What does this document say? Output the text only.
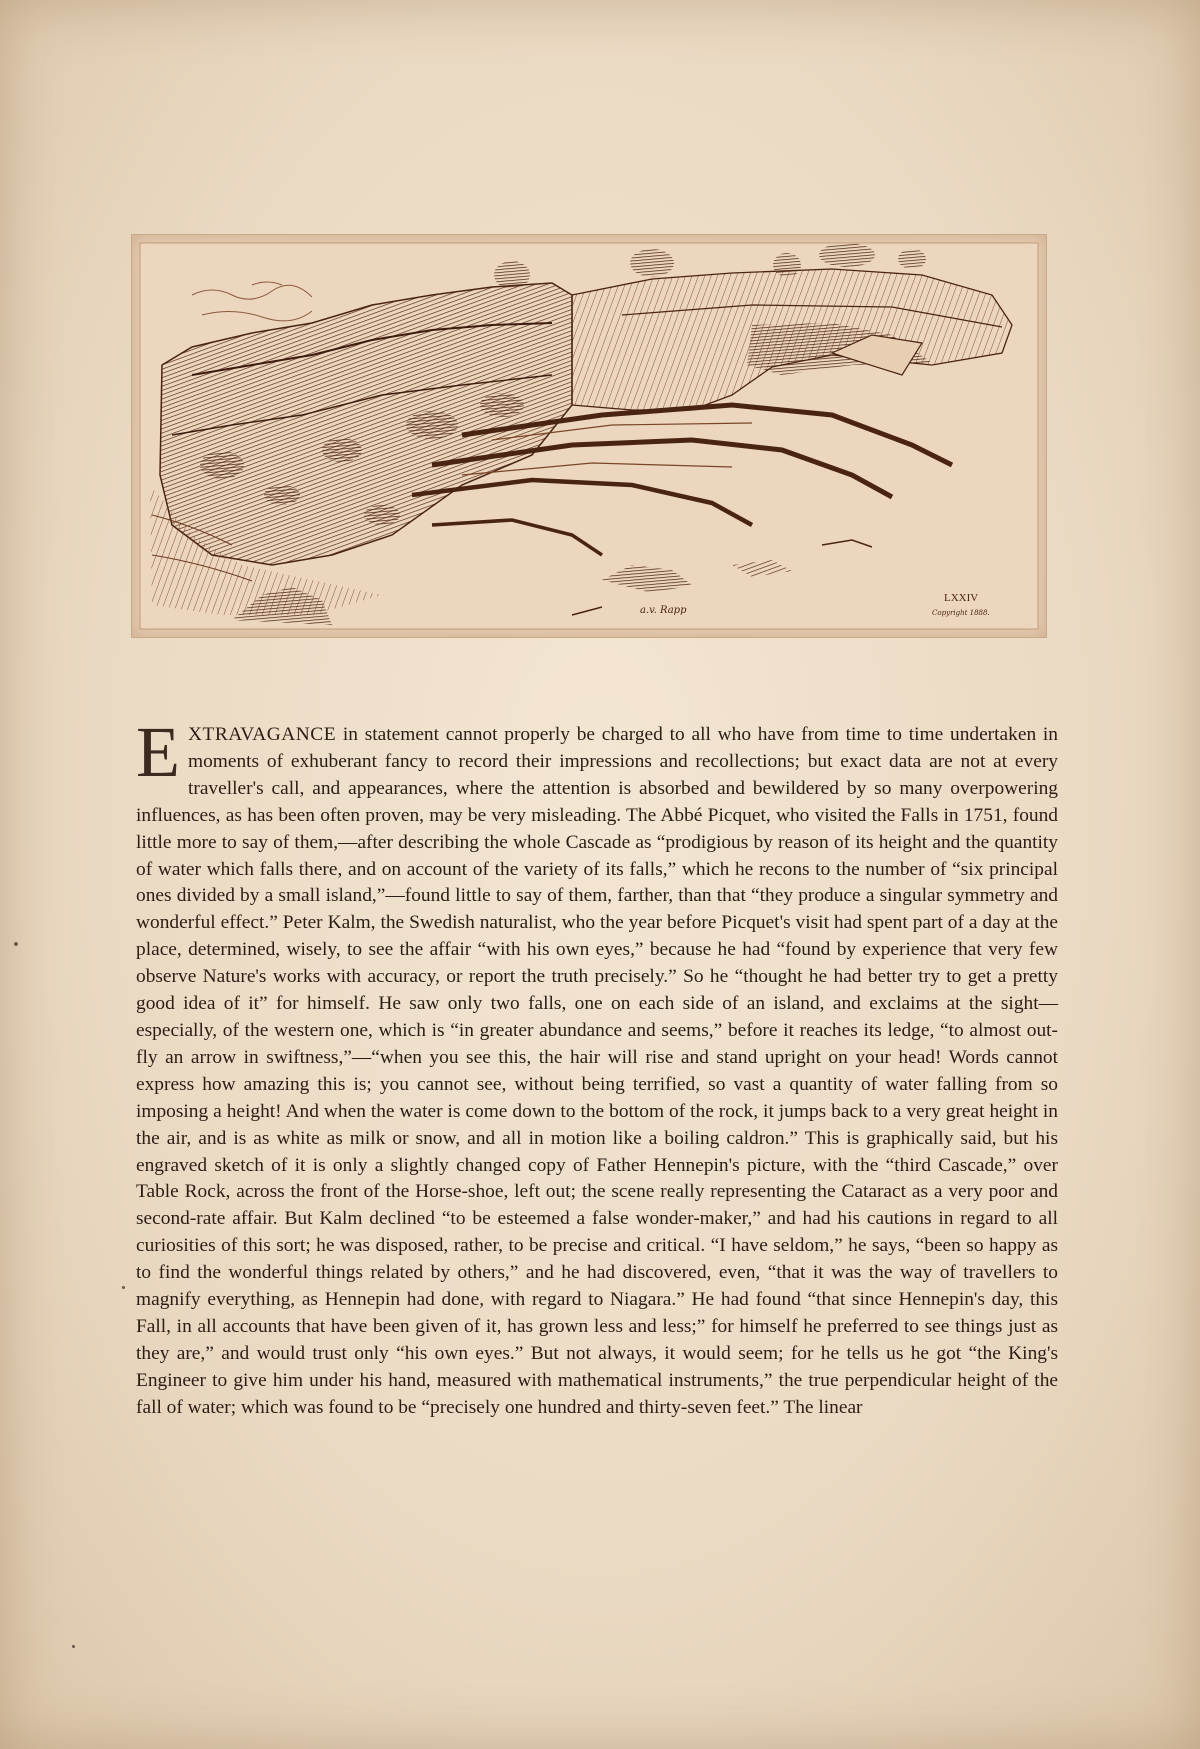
a.v. Rapp
LXXIV
Copyright 1888.
EXTRAVAGANCE in statement cannot properly be charged to all who have from time to time undertaken in moments of exhuberant fancy to record their impressions and recollections; but exact data are not at every traveller's call, and appearances, where the attention is absorbed and bewildered by so many overpowering influences, as has been often proven, may be very misleading. The Abbé Picquet, who visited the Falls in 1751, found little more to say of them,—after describing the whole Cascade as “prodigious by reason of its height and the quantity of water which falls there, and on account of the variety of its falls,” which he recons to the number of “six principal ones divided by a small island,”—found little to say of them, farther, than that “they produce a singular symmetry and wonderful effect.” Peter Kalm, the Swedish naturalist, who the year before Picquet's visit had spent part of a day at the place, determined, wisely, to see the affair “with his own eyes,” because he had “found by experience that very few observe Nature's works with accuracy, or report the truth precisely.” So he “thought he had better try to get a pretty good idea of it” for himself. He saw only two falls, one on each side of an island, and exclaims at the sight—especially, of the western one, which is “in greater abundance and seems,” before it reaches its ledge, “to almost out-fly an arrow in swiftness,”—“when you see this, the hair will rise and stand upright on your head! Words cannot express how amazing this is; you cannot see, without being terrified, so vast a quantity of water falling from so imposing a height! And when the water is come down to the bottom of the rock, it jumps back to a very great height in the air, and is as white as milk or snow, and all in motion like a boiling caldron.” This is graphically said, but his engraved sketch of it is only a slightly changed copy of Father Hennepin's picture, with the “third Cascade,” over Table Rock, across the front of the Horse-shoe, left out; the scene really representing the Cataract as a very poor and second-rate affair. But Kalm declined “to be esteemed a false wonder-maker,” and had his cautions in regard to all curiosities of this sort; he was disposed, rather, to be precise and critical. “I have seldom,” he says, “been so happy as to find the wonderful things related by others,” and he had discovered, even, “that it was the way of travellers to magnify everything, as Hennepin had done, with regard to Niagara.” He had found “that since Hennepin's day, this Fall, in all accounts that have been given of it, has grown less and less;” for himself he preferred to see things just as they are,” and would trust only “his own eyes.” But not always, it would seem; for he tells us he got “the King's Engineer to give him under his hand, measured with mathematical instruments,” the true perpendicular height of the fall of water; which was found to be “precisely one hundred and thirty-seven feet.” The linear
